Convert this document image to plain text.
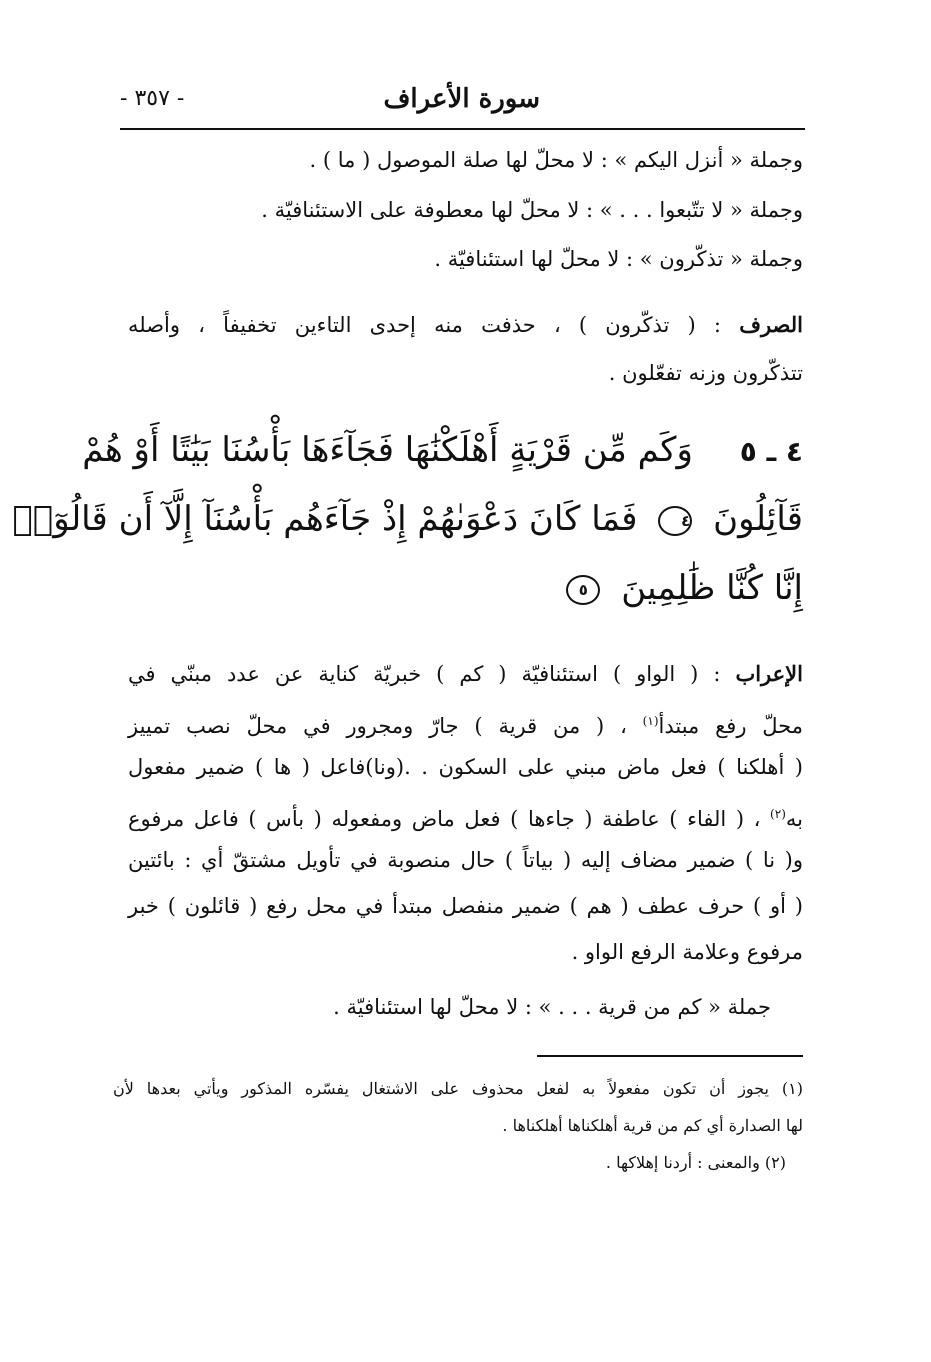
سورة الأعراف
- ٣٥٧ -
وجملة « أنزل اليكم » : لا محلّ لها صلة الموصول ( ما ) .
وجملة « لا تتّبعوا . . . » : لا محلّ لها معطوفة على الاستئنافيّة .
وجملة « تذكّرون » : لا محلّ لها استئنافيّة .
الصرف : ( تذكّرون ) ، حذفت منه إحدى التاءين تخفيفاً ، وأصله
تتذكّرون وزنه تفعّلون .
٤ ـ ٥ وَكَم مِّن قَرْيَةٍ أَهْلَكْنَٰهَا فَجَآءَهَا بَأْسُنَا بَيَٰتًا أَوْ هُمْ
قَآئِلُونَ ٤ فَمَا كَانَ دَعْوَىٰهُمْ إِذْ جَآءَهُم بَأْسُنَآ إِلَّآ أَن قَالُوٓا۟
إِنَّا كُنَّا ظَٰلِمِينَ ٥
الإعراب : ( الواو ) استئنافيّة ( كم ) خبريّة كناية عن عدد مبنّي في
محلّ رفع مبتدأ$^{(١)}$ ، ( من قرية ) جارّ ومجرور في محلّ نصب تمييز
( أهلكنا ) فعل ماض مبني على السكون . .(ونا)فاعل ( ها ) ضمير مفعول
به$^{(٢)}$ ، ( الفاء ) عاطفة ( جاءها ) فعل ماض ومفعوله ( بأس ) فاعل مرفوع
و( نا ) ضمير مضاف إليه ( بياتاً ) حال منصوبة في تأويل مشتقّ أي : بائتين
( أو ) حرف عطف ( هم ) ضمير منفصل مبتدأ في محل رفع ( قائلون ) خبر
مرفوع وعلامة الرفع الواو .
جملة « كم من قرية . . . » : لا محلّ لها استئنافيّة .
(١) يجوز أن تكون مفعولاً به لفعل محذوف على الاشتغال يفسّره المذكور ويأتي بعدها لأن
لها الصدارة أي كم من قرية أهلكناها أهلكناها .
(٢) والمعنى : أردنا إهلاكها .
